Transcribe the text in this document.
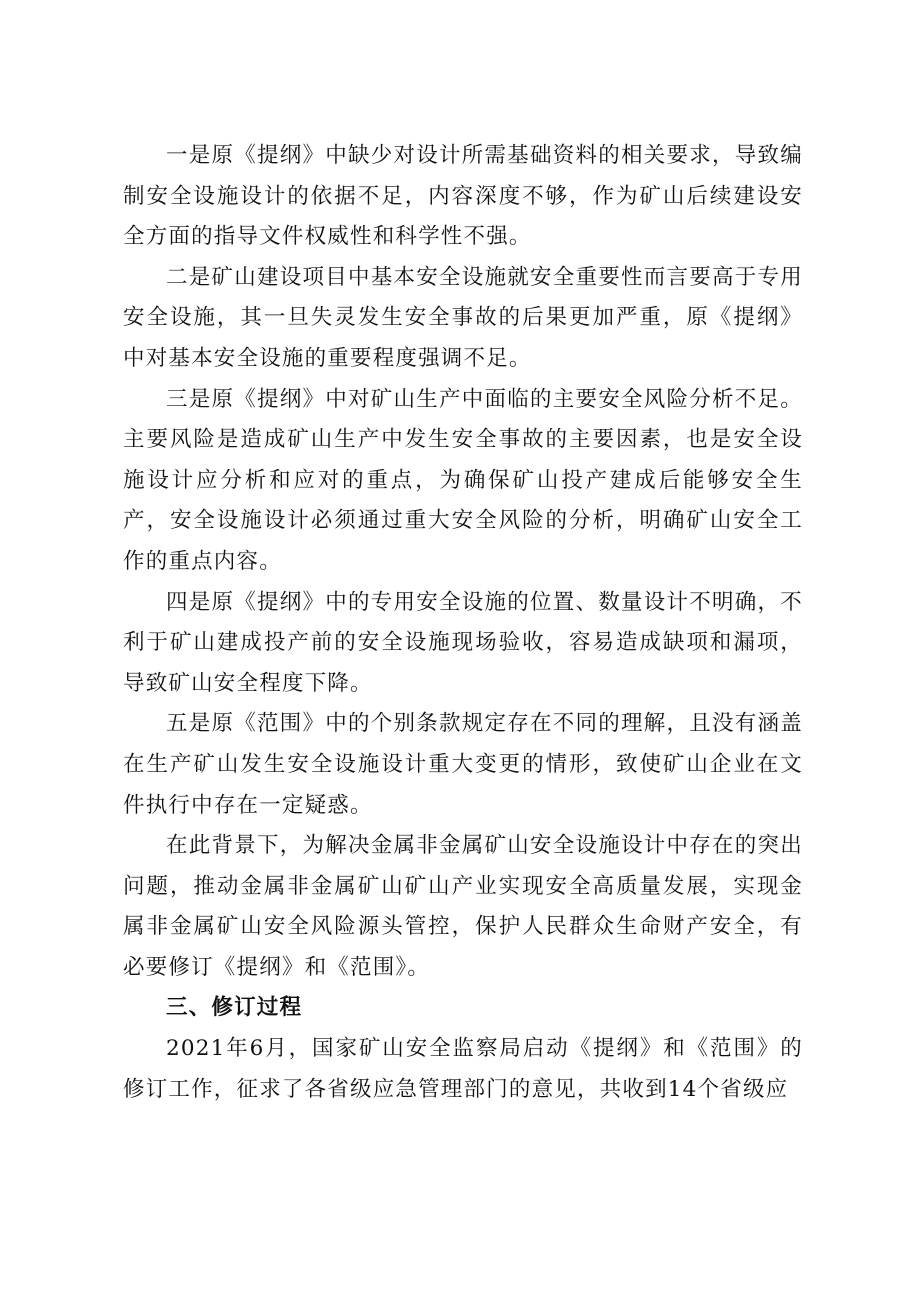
一是原《提纲》中缺少对设计所需基础资料的相关要求，导致编制安全设施设计的依据不足，内容深度不够，作为矿山后续建设安全方面的指导文件权威性和科学性不强。

二是矿山建设项目中基本安全设施就安全重要性而言要高于专用安全设施，其一旦失灵发生安全事故的后果更加严重，原《提纲》中对基本安全设施的重要程度强调不足。

三是原《提纲》中对矿山生产中面临的主要安全风险分析不足。主要风险是造成矿山生产中发生安全事故的主要因素，也是安全设施设计应分析和应对的重点，为确保矿山投产建成后能够安全生产，安全设施设计必须通过重大安全风险的分析，明确矿山安全工作的重点内容。

四是原《提纲》中的专用安全设施的位置、数量设计不明确，不利于矿山建成投产前的安全设施现场验收，容易造成缺项和漏项，导致矿山安全程度下降。

五是原《范围》中的个别条款规定存在不同的理解，且没有涵盖在生产矿山发生安全设施设计重大变更的情形，致使矿山企业在文件执行中存在一定疑惑。

在此背景下，为解决金属非金属矿山安全设施设计中存在的突出问题，推动金属非金属矿山矿山产业实现安全高质量发展，实现金属非金属矿山安全风险源头管控，保护人民群众生命财产安全，有必要修订《提纲》和《范围》。

三、修订过程

2021年6月，国家矿山安全监察局启动《提纲》和《范围》的修订工作，征求了各省级应急管理部门的意见，共收到14个省级应
